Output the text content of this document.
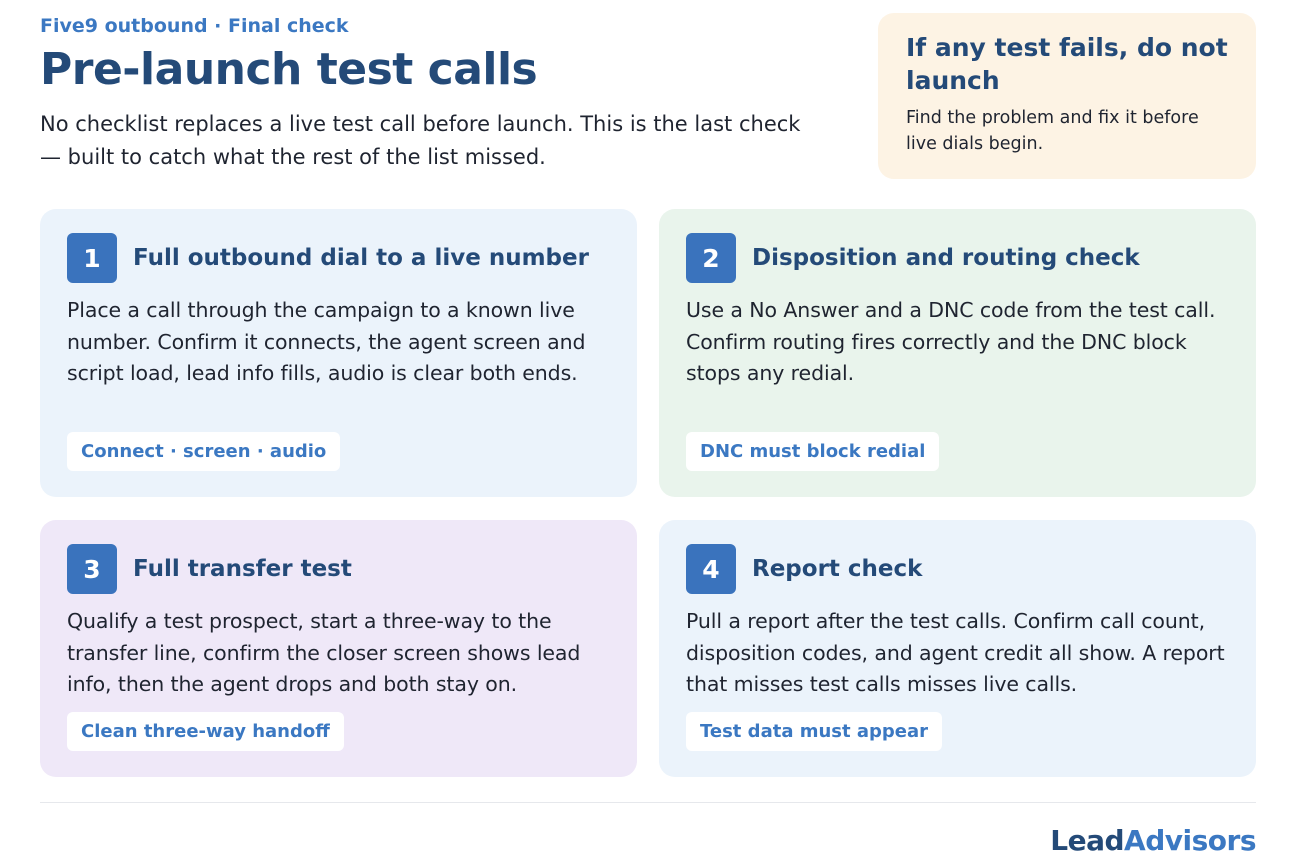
Five9 outbound · Final check
Pre-launch test calls

No checklist replaces a live test call before launch. This is the last check — built to catch what the rest of the list missed.

If any test fails, do not launch
Find the problem and fix it before live dials begin.
1	Full outbound dial to a live number
Place a call through the campaign to a known live number. Confirm it connects, the agent screen and script load, lead info fills, audio is clear both ends.
Connect · screen · audio
2	Disposition and routing check
Use a No Answer and a DNC code from the test call. Confirm routing fires correctly and the DNC block stops any redial.
DNC must block redial
3	Full transfer test
Qualify a test prospect, start a three-way to the transfer line, confirm the closer screen shows lead info, then the agent drops and both stay on.
Clean three-way handoff
4	Report check
Pull a report after the test calls. Confirm call count, disposition codes, and agent credit all show. A report that misses test calls misses live calls.
Test data must appear
LeadAdvisors
